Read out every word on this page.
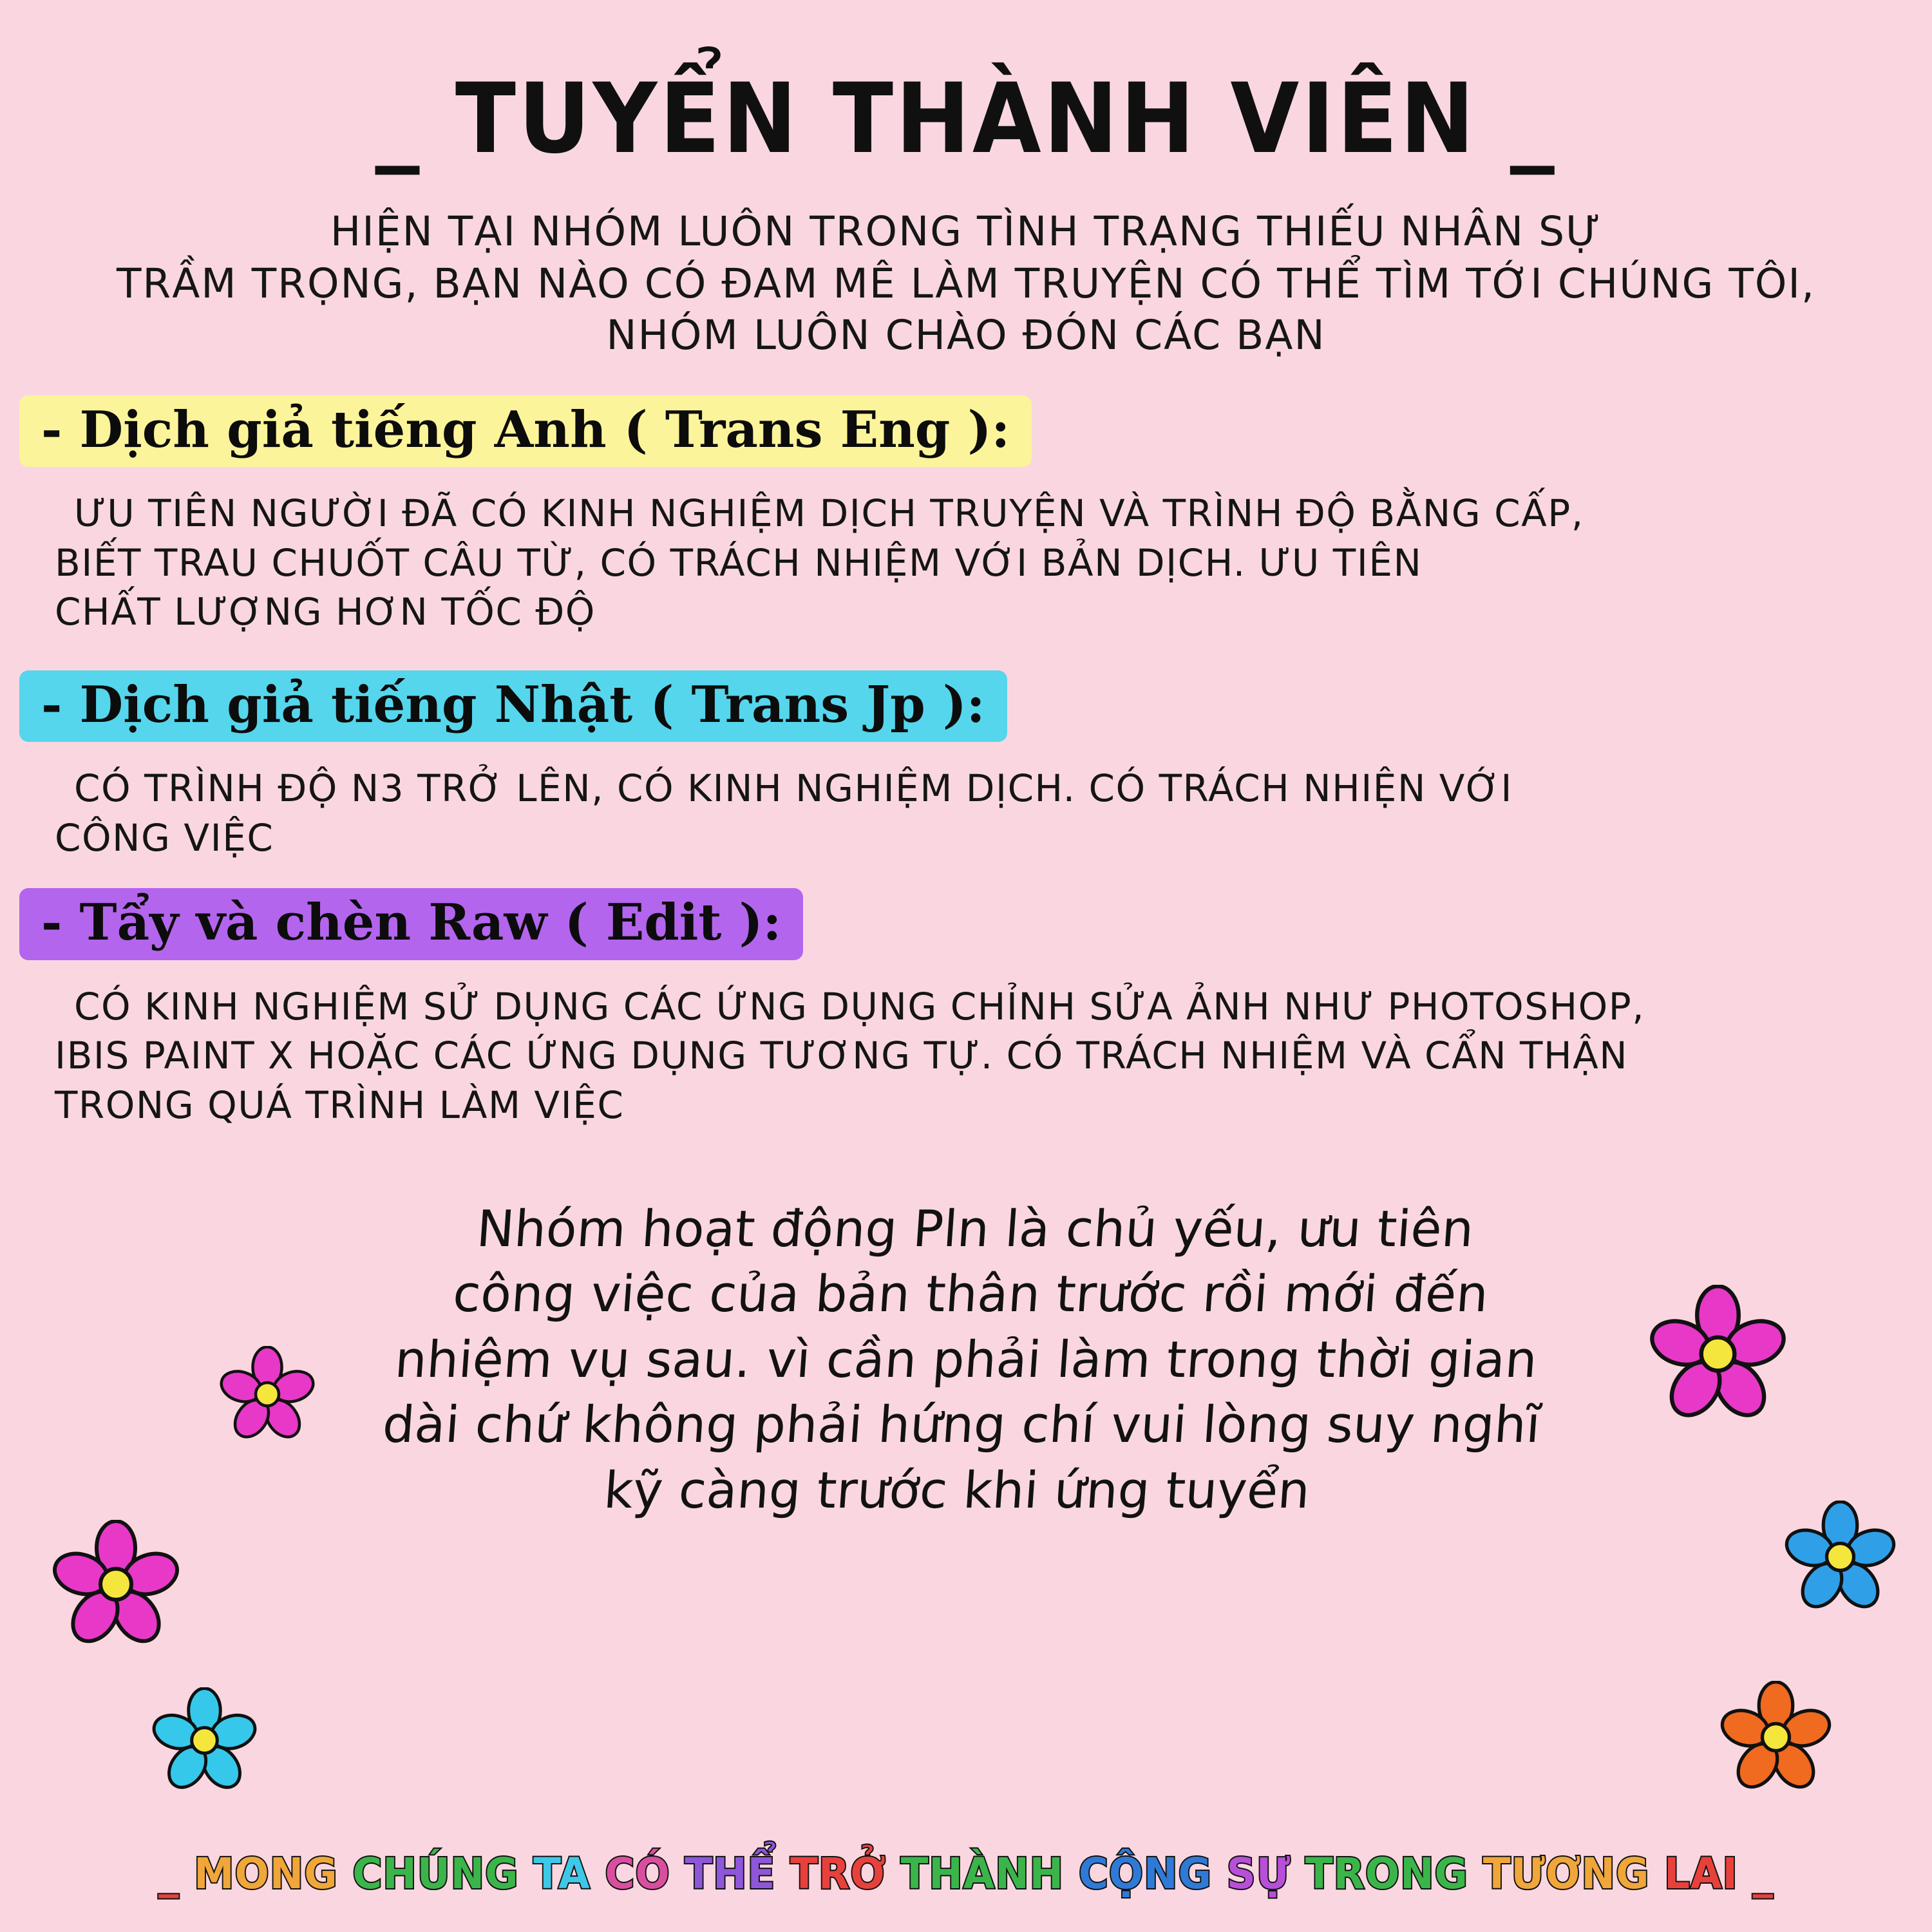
_ TUYỂN THÀNH VIÊN _
HIỆN TẠI NHÓM LUÔN TRONG TÌNH TRẠNG THIẾU NHÂN SỰ
TRẦM TRỌNG, BẠN NÀO CÓ ĐAM MÊ LÀM TRUYỆN CÓ THỂ TÌM TỚI CHÚNG TÔI,
NHÓM LUÔN CHÀO ĐÓN CÁC BẠN
- Dịch giả tiếng Anh ( Trans Eng ):
ƯU TIÊN NGƯỜI ĐÃ CÓ KINH NGHIỆM DỊCH TRUYỆN VÀ TRÌNH ĐỘ BẰNG CẤP,
BIẾT TRAU CHUỐT CÂU TỪ, CÓ TRÁCH NHIỆM VỚI BẢN DỊCH. ƯU TIÊN
CHẤT LƯỢNG HƠN TỐC ĐỘ
- Dịch giả tiếng Nhật ( Trans Jp ):
CÓ TRÌNH ĐỘ N3 TRỞ LÊN, CÓ KINH NGHIỆM DỊCH. CÓ TRÁCH NHIỆN VỚI
CÔNG VIỆC
- Tẩy và chèn Raw ( Edit ):
CÓ KINH NGHIỆM SỬ DỤNG CÁC ỨNG DỤNG CHỈNH SỬA ẢNH NHƯ PHOTOSHOP,
IBIS PAINT X HOẶC CÁC ỨNG DỤNG TƯƠNG TỰ. CÓ TRÁCH NHIỆM VÀ CẨN THẬN
TRONG QUÁ TRÌNH LÀM VIỆC
Nhóm hoạt động Pln là chủ yếu, ưu tiên
công việc của bản thân trước rồi mới đến
nhiệm vụ sau. vì cần phải làm trong thời gian
dài chứ không phải hứng chí vui lòng suy nghĩ
kỹ càng trước khi ứng tuyển
_ MONG CHÚNG TA CÓ THỂ TRỞ THÀNH CỘNG SỰ TRONG TƯƠNG LAI _
